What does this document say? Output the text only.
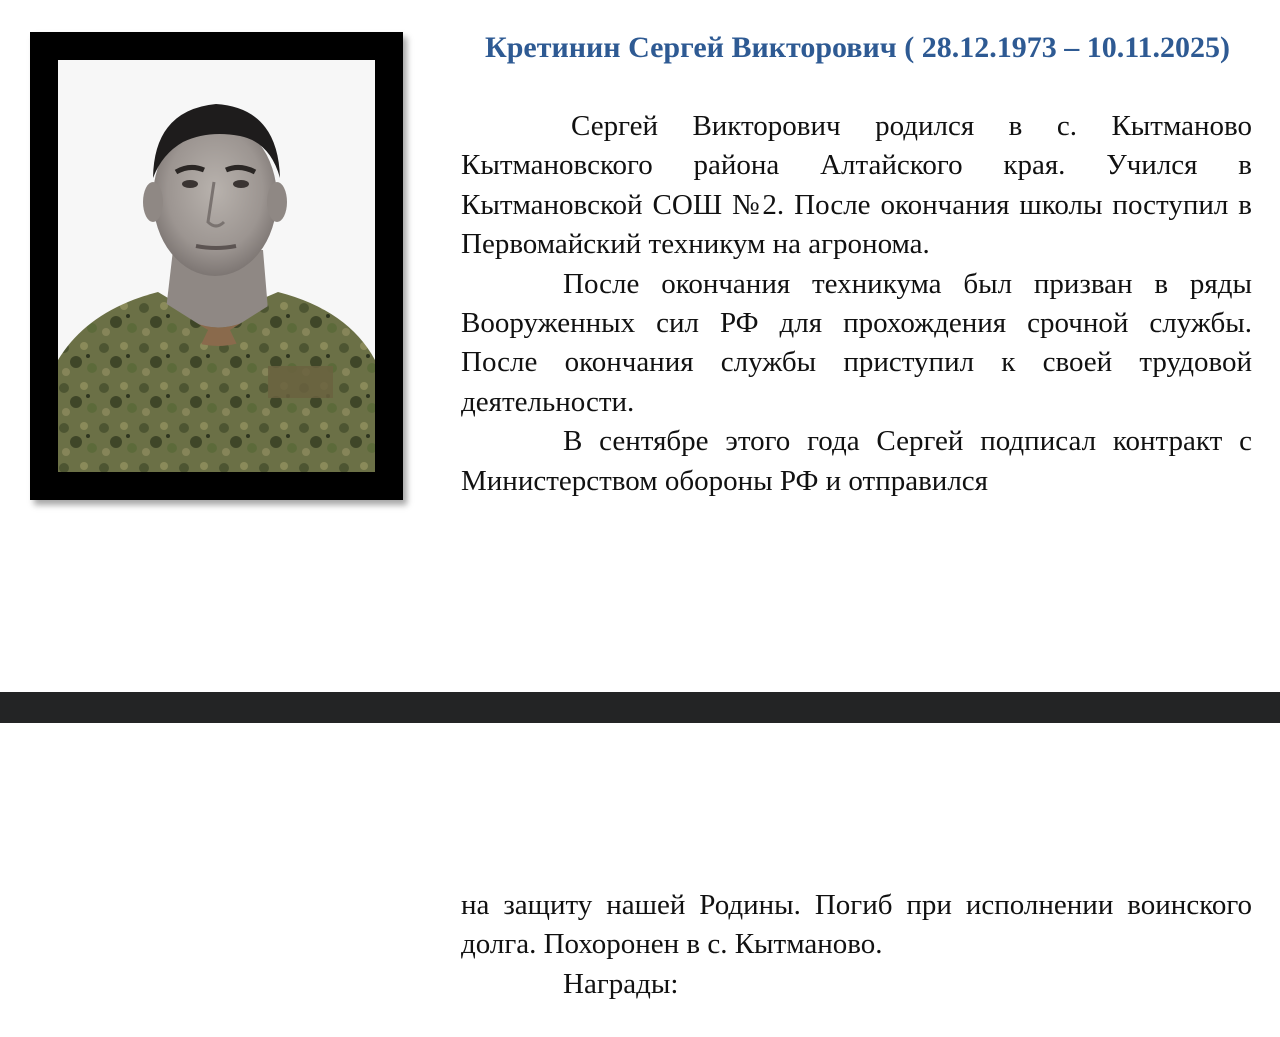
Кретинин Сергей Викторович ( 28.12.1973 – 10.11.2025)

Сергей Викторович родился в с. Кытманово Кытмановского района Алтайского края. Учился в Кытмановской СОШ №2. После окончания школы поступил в Первомайский техникум на агронома.

После окончания техникума был призван в ряды Вооруженных сил РФ для прохождения срочной службы. После окончания службы приступил к своей трудовой деятельности.

В сентябре этого года Сергей подписал контракт с Министерством обороны РФ и отправился

на защиту нашей Родины. Погиб при исполнении воинского долга. Похоронен в с. Кытманово.

Награды:
